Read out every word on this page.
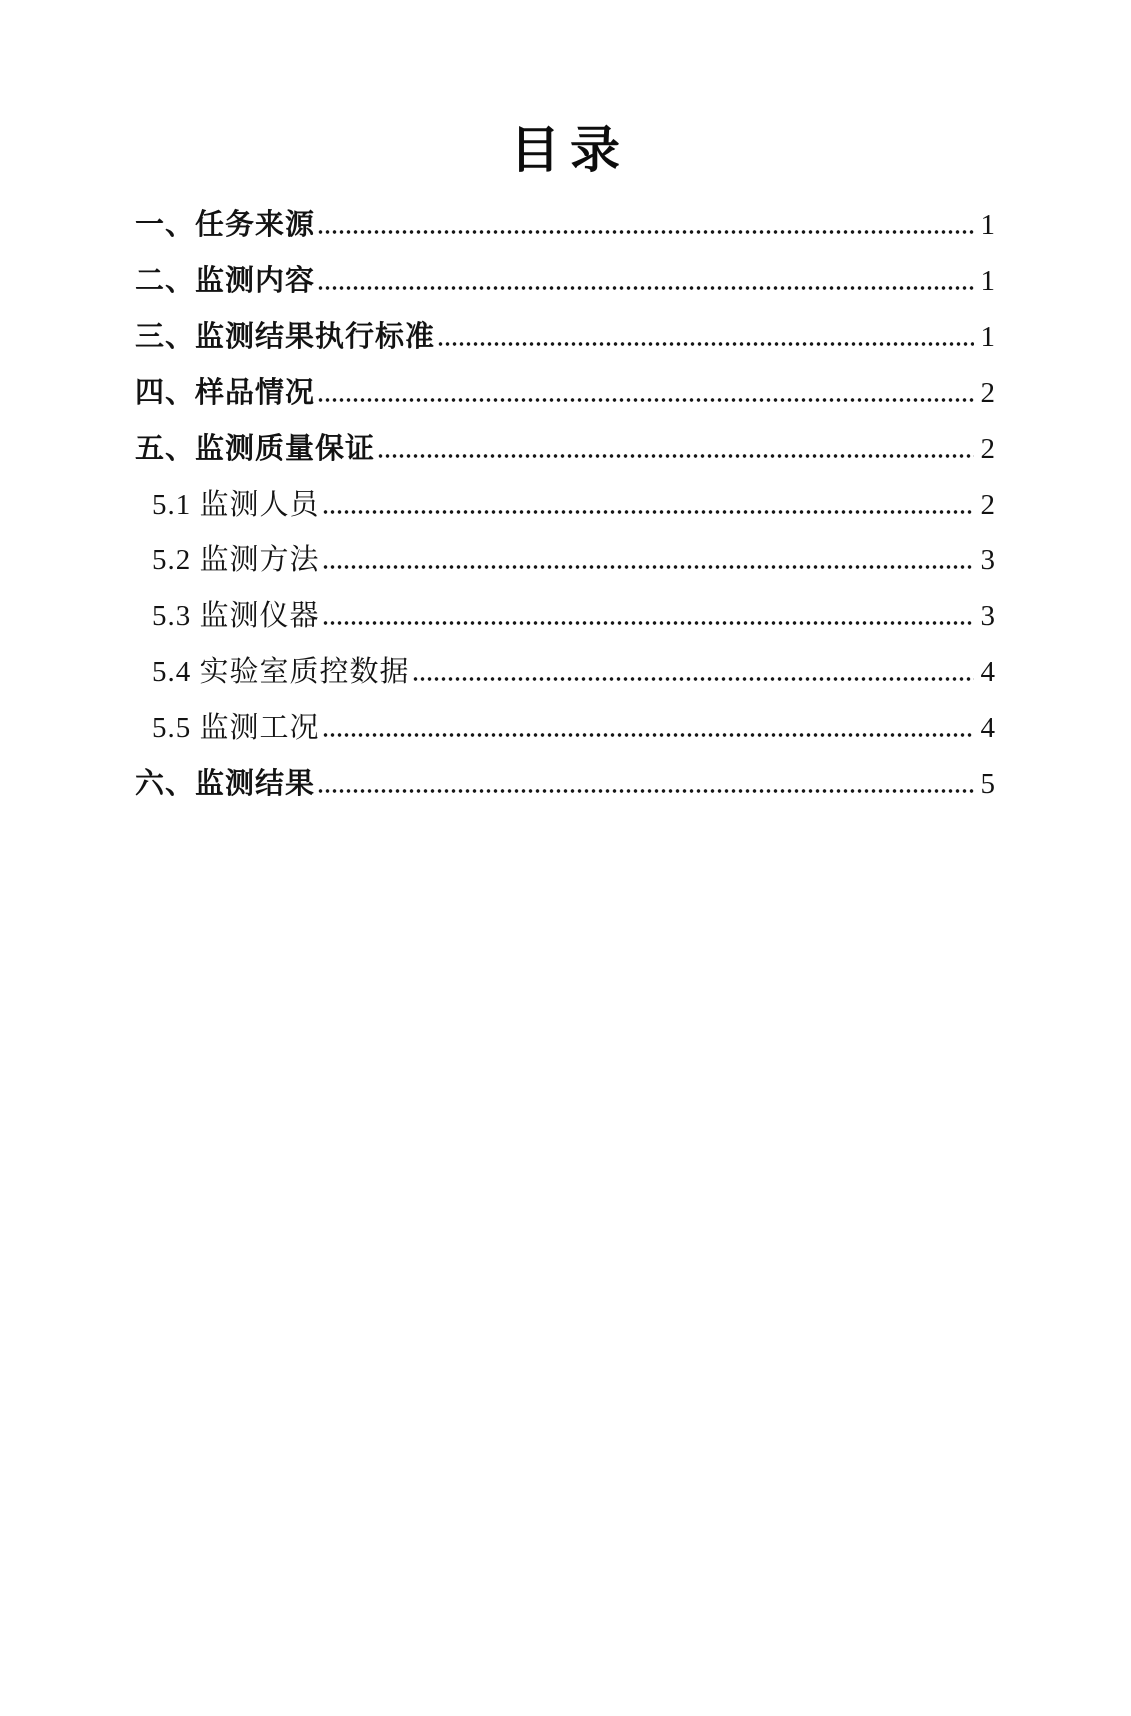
目录
一、任务来源	1
二、监测内容	1
三、监测结果执行标准	1
四、样品情况	2
五、监测质量保证	2
5.1 监测人员	2
5.2 监测方法	3
5.3 监测仪器	3
5.4 实验室质控数据	4
5.5 监测工况	4
六、监测结果	5
